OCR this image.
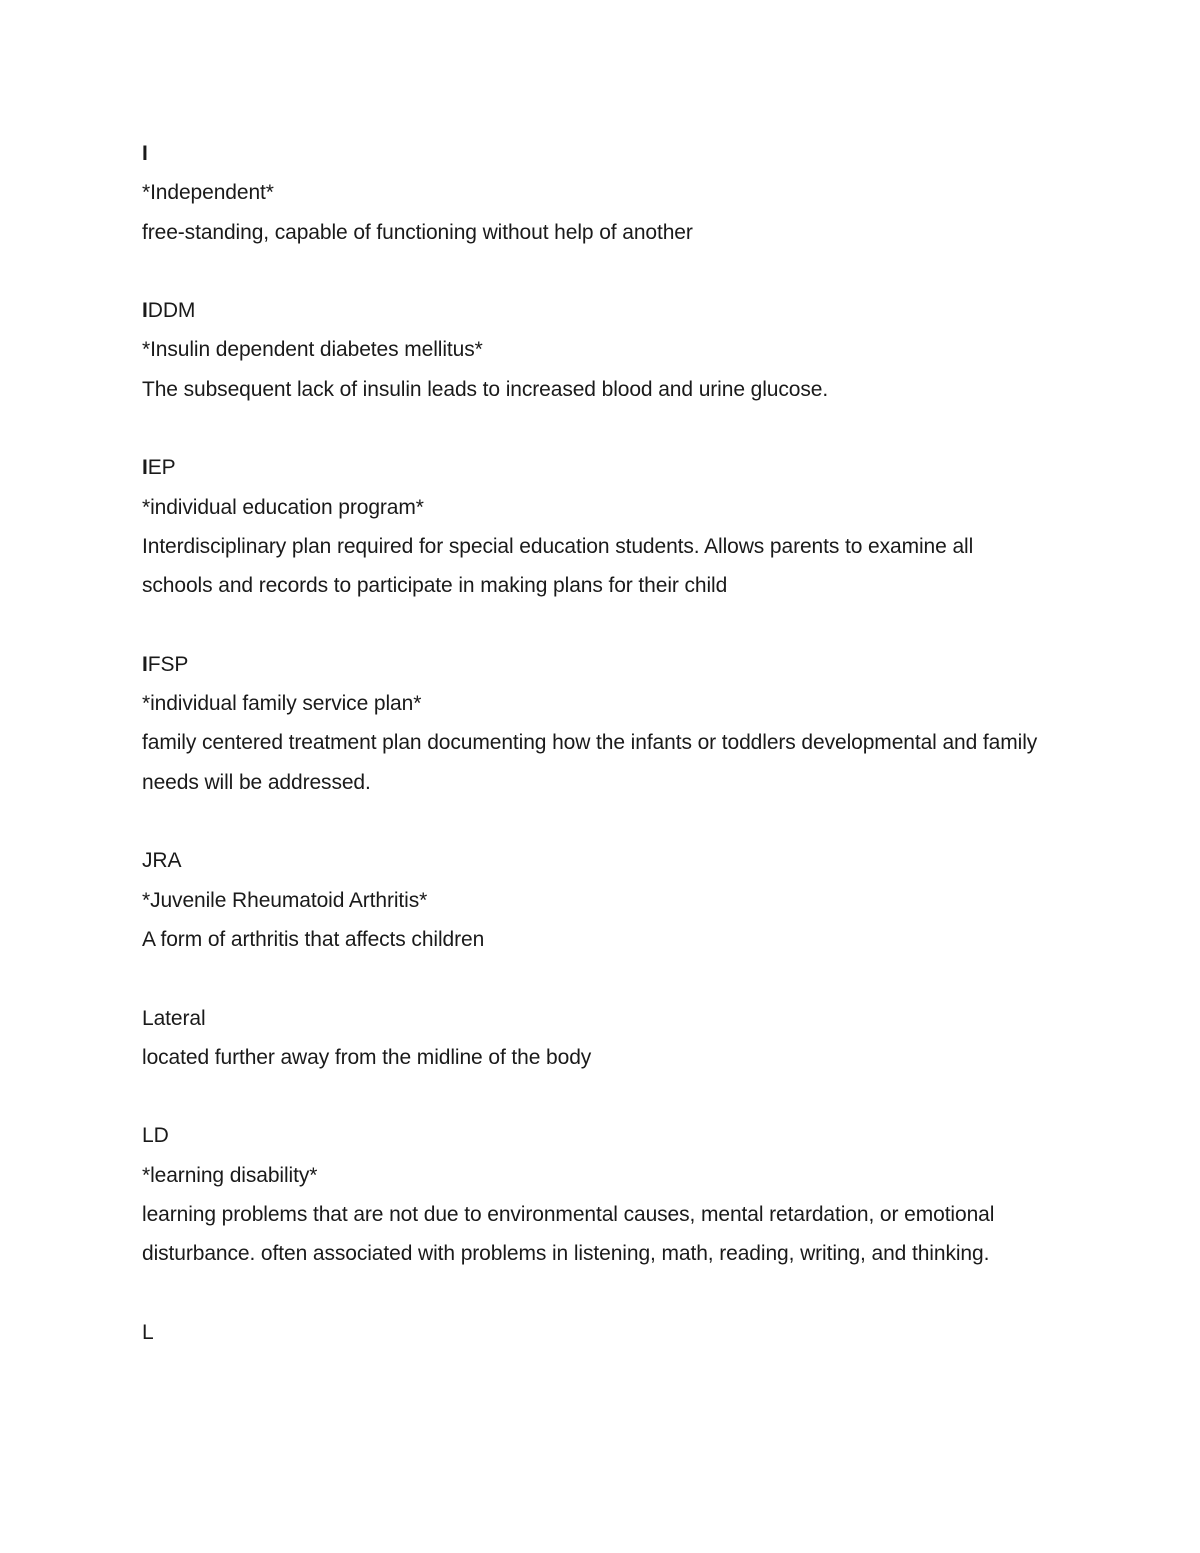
I
*Independent*
free-standing, capable of functioning without help of another
IDDM
*Insulin dependent diabetes mellitus*
The subsequent lack of insulin leads to increased blood and urine glucose.
IEP
*individual education program*
Interdisciplinary plan required for special education students. Allows parents to examine all schools and records to participate in making plans for their child
IFSP
*individual family service plan*
family centered treatment plan documenting how the infants or toddlers developmental and family needs will be addressed.
JRA
*Juvenile Rheumatoid Arthritis*
A form of arthritis that affects children
Lateral
located further away from the midline of the body
LD
*learning disability*
learning problems that are not due to environmental causes, mental retardation, or emotional disturbance. often associated with problems in listening, math, reading, writing, and thinking.
L
